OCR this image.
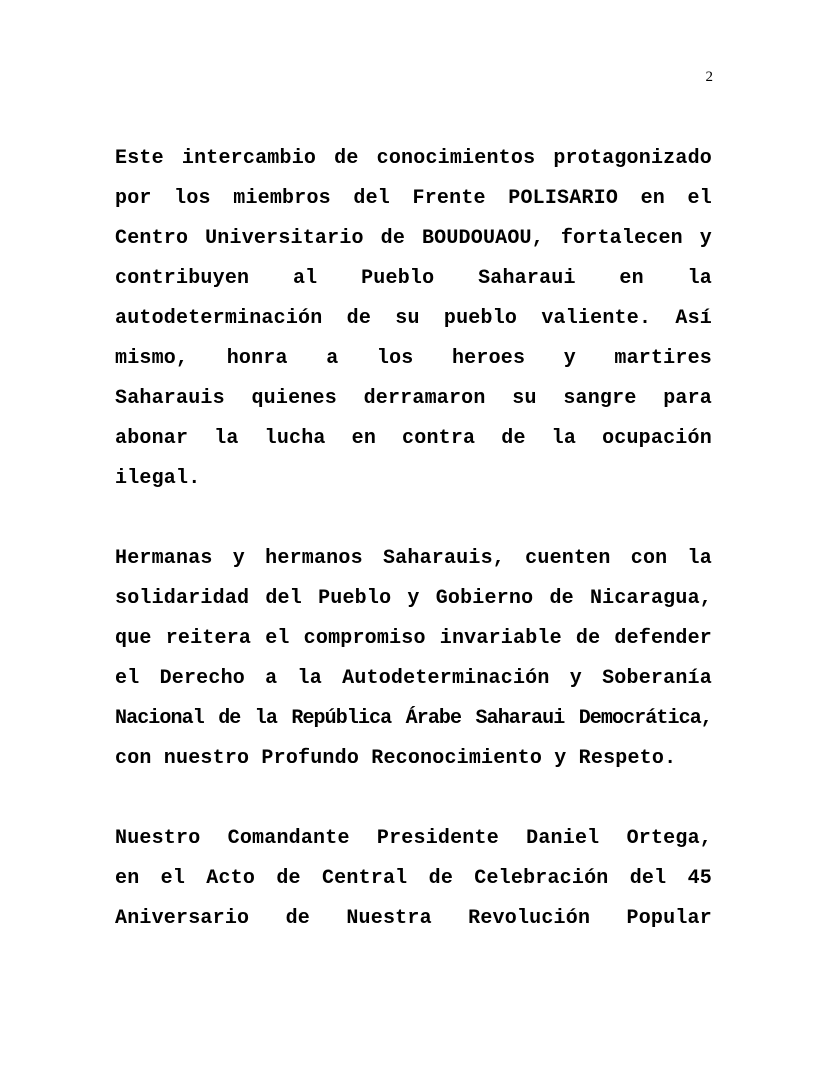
2

Este intercambio de conocimientos protagonizado
por los miembros del Frente POLISARIO en el
Centro Universitario de BOUDOUAOU, fortalecen y
contribuyen al Pueblo Saharaui en la
autodeterminación de su pueblo valiente. Así
mismo, honra a los heroes y martires
Saharauis quienes derramaron su sangre para
abonar la lucha en contra de la ocupación
ilegal.

Hermanas y hermanos Saharauis, cuenten con la
solidaridad del Pueblo y Gobierno de Nicaragua,
que reitera el compromiso invariable de defender
el Derecho a la Autodeterminación y Soberanía
Nacional de la República Árabe Saharaui Democrática,
con nuestro Profundo Reconocimiento y Respeto.

Nuestro Comandante Presidente Daniel Ortega,
en el Acto de Central de Celebración del 45
Aniversario de Nuestra Revolución Popular
